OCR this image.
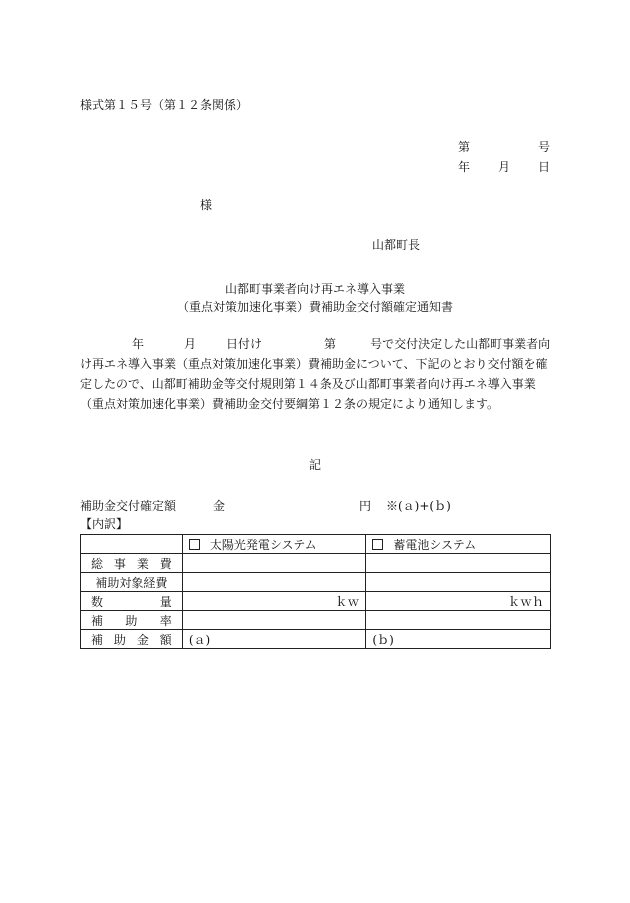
様式第１５号（第１２条関係）
第	号
年 月 日
様
山都町長
山都町事業者向け再エネ導入事業
（重点対策加速化事業）費補助金交付額確定通知書
年	月	日付け	第	号で交付決定した山都町事業者向け再エネ導入事業（重点対策加速化事業）費補助金について、下記のとおり交付額を確定したので、山都町補助金等交付規則第１４条及び山都町事業者向け再エネ導入事業（重点対策加速化事業）費補助金交付要綱第１２条の規定により通知します。
記
補助金交付確定額	金	円 ※(ａ)+(ｂ)
【内訳】
	太陽光発電システム	蓄電池システム
総事業費		
補助対象経費		
数量	ｋｗ	ｋｗｈ
補助率		
補助金額	(ａ)	(ｂ)
